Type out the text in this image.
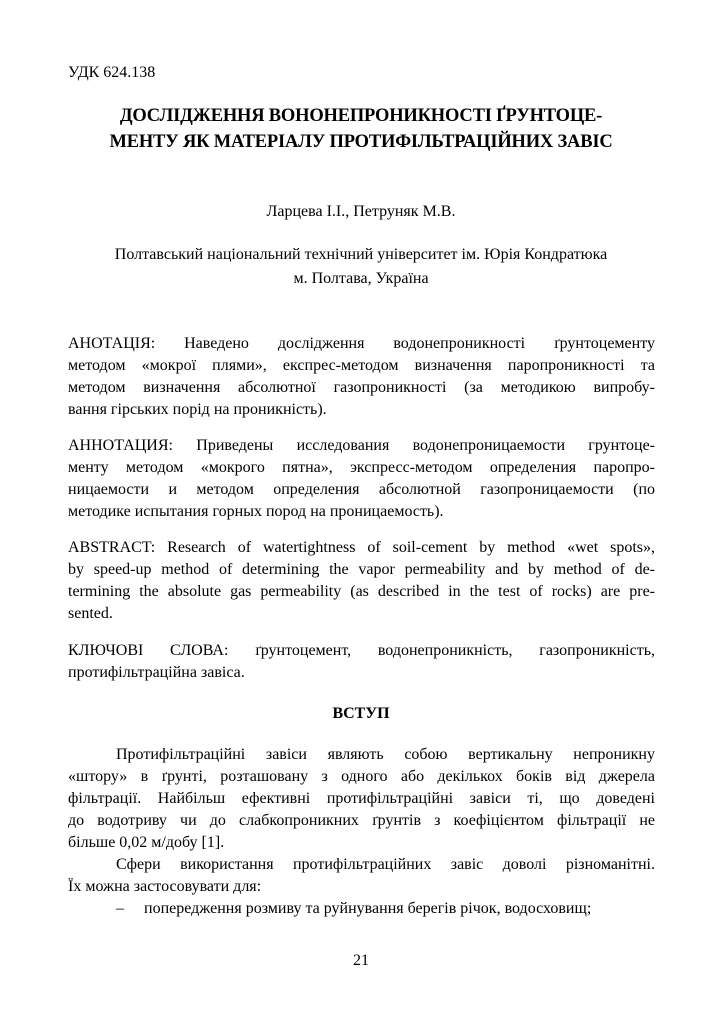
УДК 624.138
ДОСЛІДЖЕННЯ ВОНОНЕПРОНИКНОСТІ ҐРУНТОЦЕ-
МЕНТУ ЯК МАТЕРІАЛУ ПРОТИФІЛЬТРАЦІЙНИХ ЗАВІС
Ларцева І.І., Петруняк М.В.
Полтавський національний технічний університет ім. Юрія Кондратюка
м. Полтава, Україна
АНОТАЦІЯ: Наведено дослідження водонепроникності ґрунтоцементу
методом «мокрої плями», експрес-методом визначення паропроникності та
методом визначення абсолютної газопроникності (за методикою випробу-
вання гірських порід на проникність).
АННОТАЦИЯ: Приведены исследования водонепроницаемости грунтоце-
менту методом «мокрого пятна», экспресс-методом определения паропро-
ницаемости и методом определения абсолютной газопроницаемости (по
методике испытания горных пород на проницаемость).
ABSTRACT: Research of watertightness of soil-cement by method «wet spots»,
by speed-up method of determining the vapor permeability and by method of de-
termining the absolute gas permeability (as described in the test of rocks) are pre-
sented.
КЛЮЧОВІ СЛОВА: ґрунтоцемент, водонепроникність, газопроникність,
протифільтраційна завіса.
ВСТУП
Протифільтраційні завіси являють собою вертикальну непроникну
«штору» в ґрунті, розташовану з одного або декількох боків від джерела
фільтрації. Найбільш ефективні протифільтраційні завіси ті, що доведені
до водотриву чи до слабкопроникних ґрунтів з коефіцієнтом фільтрації не
більше 0,02 м/добу [1].
Сфери використання протифільтраційних завіс доволі різноманітні.
Їх можна застосовувати для:
–	попередження розмиву та руйнування берегів річок, водосховищ;
21
